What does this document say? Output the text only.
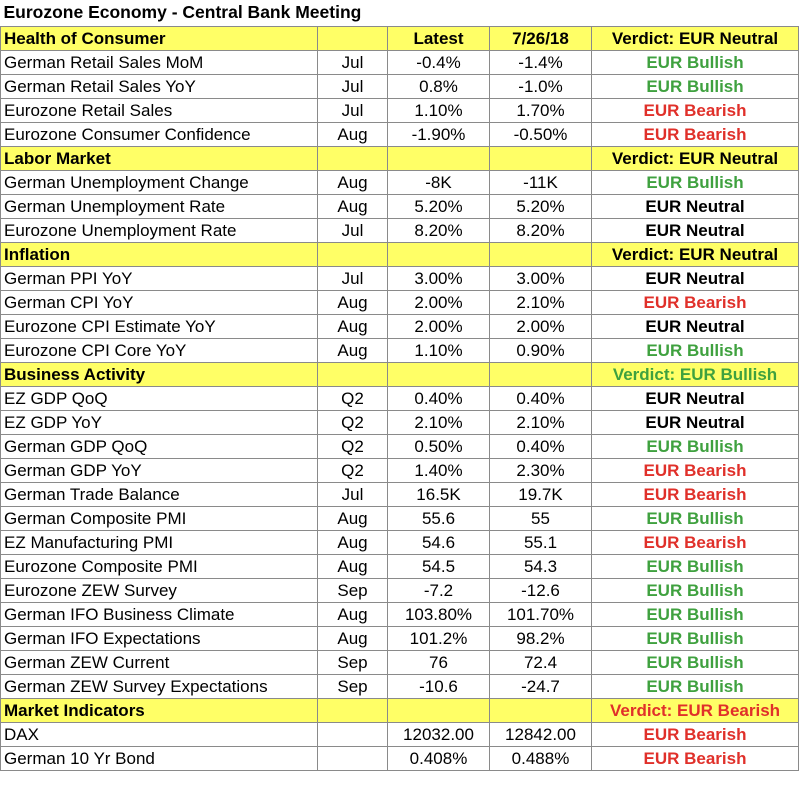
Eurozone Economy - Central Bank Meeting				
Health of Consumer		Latest	7/26/18	Verdict: EUR Neutral
German Retail Sales MoM	Jul	-0.4%	-1.4%	EUR Bullish
German Retail Sales YoY	Jul	0.8%	-1.0%	EUR Bullish
Eurozone Retail Sales	Jul	1.10%	1.70%	EUR Bearish
Eurozone Consumer Confidence	Aug	-1.90%	-0.50%	EUR Bearish
Labor Market				Verdict: EUR Neutral
German Unemployment Change	Aug	-8K	-11K	EUR Bullish
German Unemployment Rate	Aug	5.20%	5.20%	EUR Neutral
Eurozone Unemployment Rate	Jul	8.20%	8.20%	EUR Neutral
Inflation				Verdict: EUR Neutral
German PPI YoY	Jul	3.00%	3.00%	EUR Neutral
German CPI YoY	Aug	2.00%	2.10%	EUR Bearish
Eurozone CPI Estimate YoY	Aug	2.00%	2.00%	EUR Neutral
Eurozone CPI Core YoY	Aug	1.10%	0.90%	EUR Bullish
Business Activity				Verdict: EUR Bullish
EZ GDP QoQ	Q2	0.40%	0.40%	EUR Neutral
EZ GDP YoY	Q2	2.10%	2.10%	EUR Neutral
German GDP QoQ	Q2	0.50%	0.40%	EUR Bullish
German GDP YoY	Q2	1.40%	2.30%	EUR Bearish
German Trade Balance	Jul	16.5K	19.7K	EUR Bearish
German Composite PMI	Aug	55.6	55	EUR Bullish
EZ Manufacturing PMI	Aug	54.6	55.1	EUR Bearish
Eurozone Composite PMI	Aug	54.5	54.3	EUR Bullish
Eurozone ZEW Survey	Sep	-7.2	-12.6	EUR Bullish
German IFO Business Climate	Aug	103.80%	101.70%	EUR Bullish
German IFO Expectations	Aug	101.2%	98.2%	EUR Bullish
German ZEW Current	Sep	76	72.4	EUR Bullish
German ZEW Survey Expectations	Sep	-10.6	-24.7	EUR Bullish
Market Indicators				Verdict: EUR Bearish
DAX		12032.00	12842.00	EUR Bearish
German 10 Yr Bond		0.408%	0.488%	EUR Bearish
